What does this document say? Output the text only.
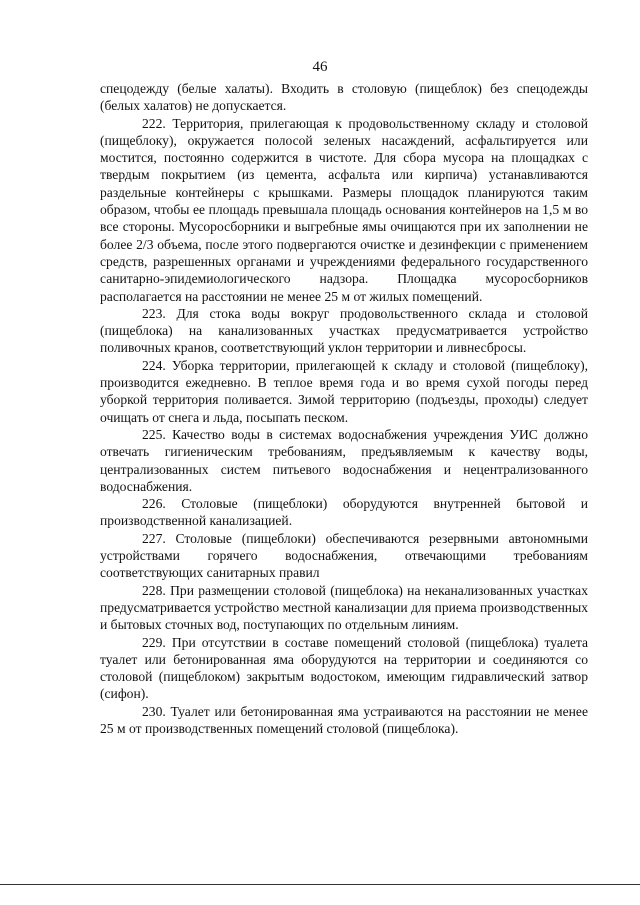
46

спецодежду (белые халаты). Входить в столовую (пищеблок) без спецодежды (белых халатов) не допускается.

222. Территория, прилегающая к продовольственному складу и столовой (пищеблоку), окружается полосой зеленых насаждений, асфальтируется или мостится, постоянно содержится в чистоте. Для сбора мусора на площадках с твердым покрытием (из цемента, асфальта или кирпича) устанавливаются раздельные контейнеры с крышками. Размеры площадок планируются таким образом, чтобы ее площадь превышала площадь основания контейнеров на 1,5 м во все стороны. Мусоросборники и выгребные ямы очищаются при их заполнении не более 2/3 объема, после этого подвергаются очистке и дезинфекции с применением средств, разрешенных органами и учреждениями федерального государственного санитарно-эпидемиологического надзора. Площадка мусоросборников располагается на расстоянии не менее 25 м от жилых помещений.

223. Для стока воды вокруг продовольственного склада и столовой (пищеблока) на канализованных участках предусматривается устройство поливочных кранов, соответствующий уклон территории и ливнесбросы.

224. Уборка территории, прилегающей к складу и столовой (пищеблоку), производится ежедневно. В теплое время года и во время сухой погоды перед уборкой территория поливается. Зимой территорию (подъезды, проходы) следует очищать от снега и льда, посыпать песком.

225. Качество воды в системах водоснабжения учреждения УИС должно отвечать гигиеническим требованиям, предъявляемым к качеству воды, централизованных систем питьевого водоснабжения и нецентрализованного водоснабжения.

226. Столовые (пищеблоки) оборудуются внутренней бытовой и производственной канализацией.

227. Столовые (пищеблоки) обеспечиваются резервными автономными устройствами горячего водоснабжения, отвечающими требованиям соответствующих санитарных правил

228. При размещении столовой (пищеблока) на неканализованных участках предусматривается устройство местной канализации для приема производственных и бытовых сточных вод, поступающих по отдельным линиям.

229. При отсутствии в составе помещений столовой (пищеблока) туалета туалет или бетонированная яма оборудуются на территории и соединяются со столовой (пищеблоком) закрытым водостоком, имеющим гидравлический затвор (сифон).

230. Туалет или бетонированная яма устраиваются на расстоянии не менее 25 м от производственных помещений столовой (пищеблока).
